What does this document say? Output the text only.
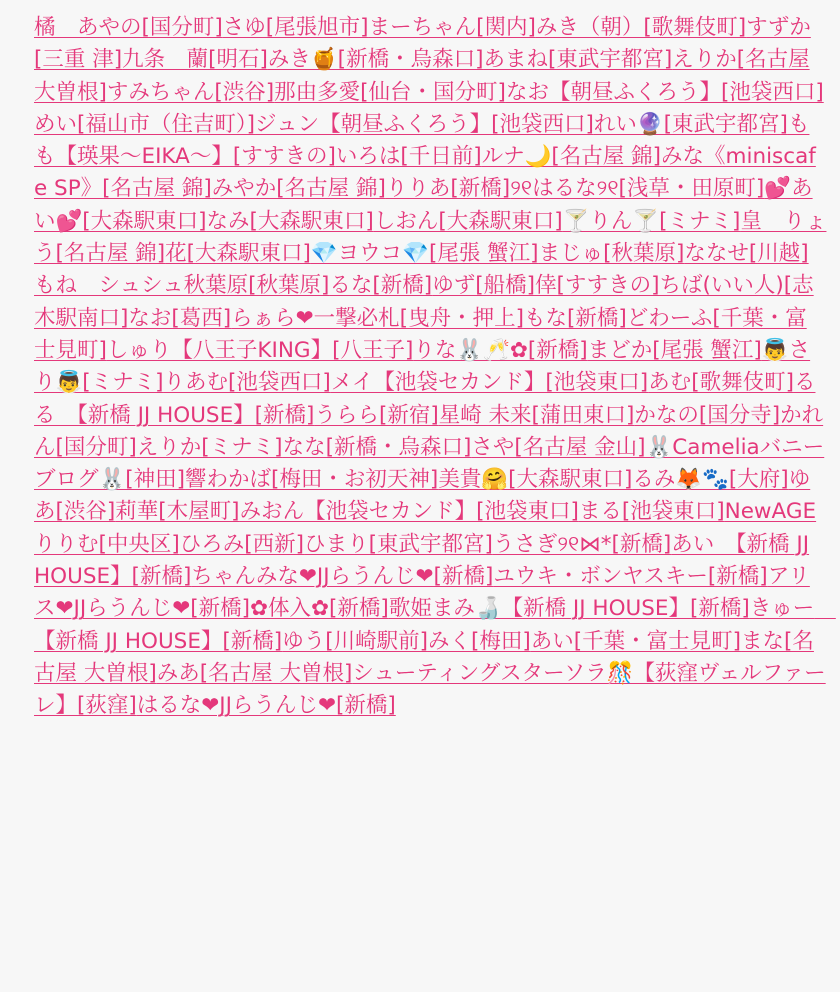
橘　あやの[国分町]さゆ[尾張旭市]まーちゃん[関内]みき（朝）[歌舞伎町]すずか[三重 津]九条　蘭[明石]みき🍯[新橋・烏森口]あまね[東武宇都宮]えりか[名古屋 大曽根]すみちゃん[渋谷]那由多愛[仙台・国分町]なお【朝昼ふくろう】[池袋西口]めい[福山市（住吉町）]ジュン【朝昼ふくろう】[池袋西口]れい🔮[東武宇都宮]もも【瑛果〜EIKA〜】[すすきの]いろは[千日前]ルナ🌙[名古屋 錦]みな《miniscafe SP》[名古屋 錦]みやか[名古屋 錦]りりあ[新橋]୨୧はるな୨୧[浅草・田原町]💕あい💕[大森駅東口]なみ[大森駅東口]しおん[大森駅東口]🍸りん🍸[ミナミ]皇　りょう[名古屋 錦]花[大森駅東口]💎ヨウコ💎[尾張 蟹江]まじゅ[秋葉原]ななせ[川越]もね　シュシュ秋葉原[秋葉原]るな[新橋]ゆず[船橋]倖[すすきの]ちば(いい人)[志木駅南口]なお[葛西]らぁら❤一撃必札[曳舟・押上]もな[新橋]どわーふ[千葉・富士見町]しゅり【八王子KING】[八王子]りな🐰🥂✿[新橋]まどか[尾張 蟹江]👼さり👼[ミナミ]りあむ[池袋西口]メイ【池袋セカンド】[池袋東口]あむ[歌舞伎町]るる　【新橋 JJ HOUSE】[新橋]うらら[新宿]星崎 未来[蒲田東口]かなの[国分寺]かれん[国分町]えりか[ミナミ]なな[新橋・烏森口]さや[名古屋 金山]🐰Cameliaバニーブログ🐰[神田]響わかば[梅田・お初天神]美貴🤗[大森駅東口]るみ🦊🐾[大府]ゆあ[渋谷]莉華[木屋町]みおん【池袋セカンド】[池袋東口]まる[池袋東口]NewAGEりりむ[中央区]ひろみ[西新]ひまり[東武宇都宮]うさぎ୨୧⋈*[新橋]あい　【新橋 JJ HOUSE】[新橋]ちゃんみな❤JJらうんじ❤[新橋]ユウキ・ボンヤスキー[新橋]アリス❤JJらうんじ❤[新橋]✿体入✿[新橋]歌姫まみ🍶【新橋 JJ HOUSE】[新橋]きゅー　【新橋 JJ HOUSE】[新橋]ゆう[川崎駅前]みく[梅田]あい[千葉・富士見町]まな[名古屋 大曽根]みあ[名古屋 大曽根]シューティングスターソラ🎊【荻窪ヴェルファーレ】[荻窪]はるな❤JJらうんじ❤[新橋]
